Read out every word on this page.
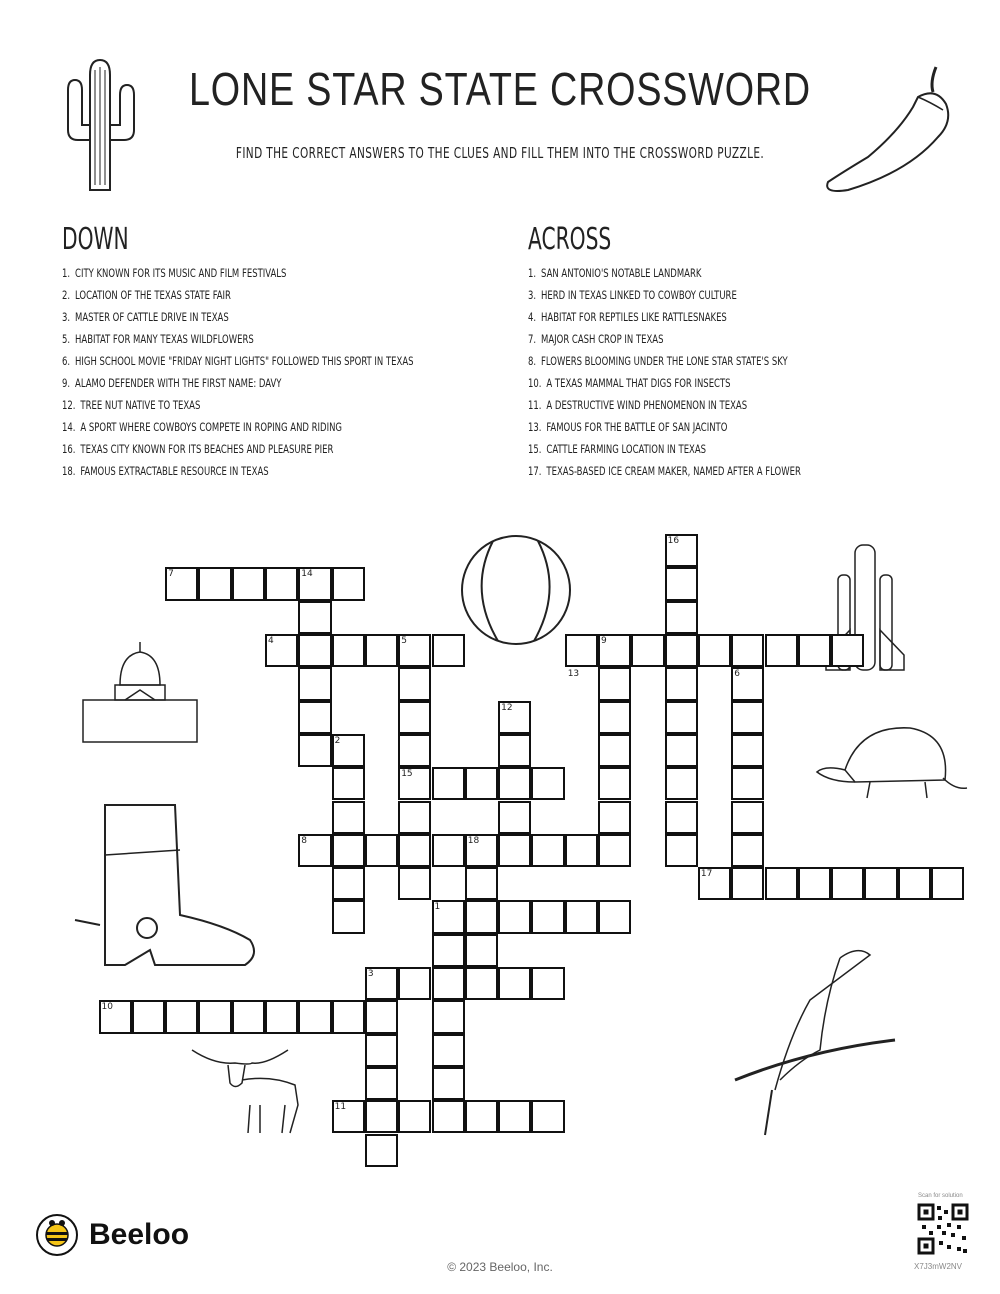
LONE STAR STATE CROSSWORD
FIND THE CORRECT ANSWERS TO THE CLUES AND FILL THEM INTO THE CROSSWORD PUZZLE.
DOWN
1. CITY KNOWN FOR ITS MUSIC AND FILM FESTIVALS
2. LOCATION OF THE TEXAS STATE FAIR
3. MASTER OF CATTLE DRIVE IN TEXAS
5. HABITAT FOR MANY TEXAS WILDFLOWERS
6. HIGH SCHOOL MOVIE "FRIDAY NIGHT LIGHTS" FOLLOWED THIS SPORT IN TEXAS
9. ALAMO DEFENDER WITH THE FIRST NAME: DAVY
12. TREE NUT NATIVE TO TEXAS
14. A SPORT WHERE COWBOYS COMPETE IN ROPING AND RIDING
16. TEXAS CITY KNOWN FOR ITS BEACHES AND PLEASURE PIER
18. FAMOUS EXTRACTABLE RESOURCE IN TEXAS
ACROSS
1. SAN ANTONIO'S NOTABLE LANDMARK
3. HERD IN TEXAS LINKED TO COWBOY CULTURE
4. HABITAT FOR REPTILES LIKE RATTLESNAKES
7. MAJOR CASH CROP IN TEXAS
8. FLOWERS BLOOMING UNDER THE LONE STAR STATE'S SKY
10. A TEXAS MAMMAL THAT DIGS FOR INSECTS
11. A DESTRUCTIVE WIND PHENOMENON IN TEXAS
13. FAMOUS FOR THE BATTLE OF SAN JACINTO
15. CATTLE FARMING LOCATION IN TEXAS
17. TEXAS-BASED ICE CREAM MAKER, NAMED AFTER A FLOWER
1
2
3
4	5
6
7
8
9
10
11
12
13
14
15
16
17
18
Beeloo
© 2023 Beeloo, Inc.
Scan for solution
X7J3mW2NV
